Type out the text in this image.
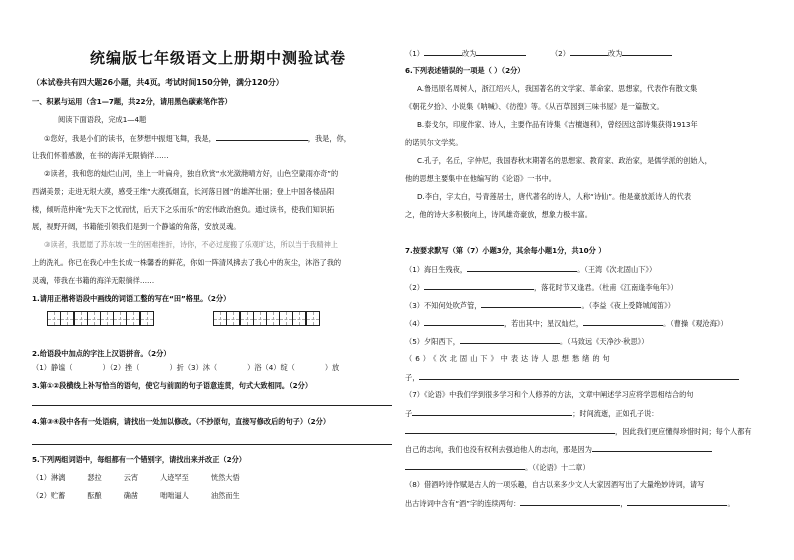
统编版七年级语文上册期中测验试卷
（本试卷共有四大题26小题，共4页。考试时间150分钟，满分120分）
一、积累与运用（含1—7题，共22分，请用黑色碳素笔作答）
阅读下面语段，完成1—4题
①您好，我是小们的读书，在梦想中振翅飞舞，我是，	，我是，你，
让我们怀着感激，在书的海洋无限徜徉……
②读者，我和您的灿烂山河，坐上一叶扁舟，独自欣赏“水光潋滟晴方好，山色空蒙雨亦奇”的
西湖美景；走进无垠大漠，感受王维“大漠孤烟直，长河落日圆”的雄浑壮丽；登上中国各楼品阳
楼，倾听范仲淹“先天下之忧而忧，后天下之乐而乐”的宏伟政治抱负。通过读书，使我们知识拓
展，视野开阔，书籍能引领我们是到一个静谧的角落，安放灵魂。
③读者，我愿愿了苏东坡一生的困难挫折，诗你，不必过度搬了乐观旷达，所以当于我精神上
上的洗礼。你已在我心中生长成一株馨香的鲜花，你如一阵清风拂去了我心中的灰尘，沐浴了我的
灵魂，带我在书籍的海洋无限徜徉……
1.请用正楷将语段中画线的词语工整的写在“田”格里。（2分）
2.给语段中加点的字注上汉语拼音。（2分）
（1）静谧（	）（2）挫（	）折（3）沐（	）浴（4）绽（	）放
3.第①②段横线上补写恰当的语句，使它与前面的句子语意连贯，句式大致相同。（2分）
4.第③④段中各有一处语病，请找出一处加以修改。（不抄原句，直接写修改后的句子）（2分）
5.下列两组词语中，每组都有一个错别字，请找出来并改正（2分）
（1）淋漓	瑟拉	云宵	人迹罕至	恍然大悟
（2）贮蓄	酝酿	确凿	咄咄逼人	油然而生
（1）	改为	（2）	改为
6.下列表述错误的一项是（ ）（2分）
A.鲁迅原名周树人，浙江绍兴人，我国著名的文学家、革命家、思想家，代表作有散文集
《朝花夕拾》、小说集《呐喊》、《彷徨》等。《从百草园到三味书屋》是一篇散文。
B.泰戈尔，印度作家、诗人，主要作品有诗集《吉檀迦利》，曾经因这部诗集获得1913年
的诺贝尔文学奖。
C.孔子，名丘，字仲尼，我国春秋末期著名的思想家、教育家、政治家，是儒学派的创始人，
他的思想主要集中在他编写的《论语》一书中。
D.李白，字太白，号青莲居士，唐代著名的诗人，人称“诗仙”。他是豪放派诗人的代表
之，他的诗大多积极向上，诗风雄奇豪放，想象力极丰富。
7.按要求默写（第（7）小题3分，其余每小题1分，共10分 ）
（1）海日生残夜，	。（王湾《次北固山下》）
（2）	，落花时节又逢君。（杜甫《江南逢李龟年》）
（3）不知何处吹芦管，	。（李益《夜上受降城闻笛》）
（4）	，若出其中；星汉灿烂，	。（曹操《观沧海》）
（5）夕阳西下，	。（马致远《天净沙·秋思》）
（6）《次北固山下》中表达诗人思想愁绪的句
子，
（7）《论语》中我们学到很多学习和个人修养的方法，文章中阐述学习应将学思相结合的句
子	；时间流逝，正如孔子说：
，因此我们更应懂得珍惜时间；每个人都有
自己的志向，我们也没有权利去强迫他人的志向，那是因为
。（《论语》十二章）
（8）借酒吟诗作赋是古人的一项乐趣，自古以来多少文人大家因酒写出了大量绝妙诗词，请写
出古诗词中含有“酒”字的连续两句：	，	。
